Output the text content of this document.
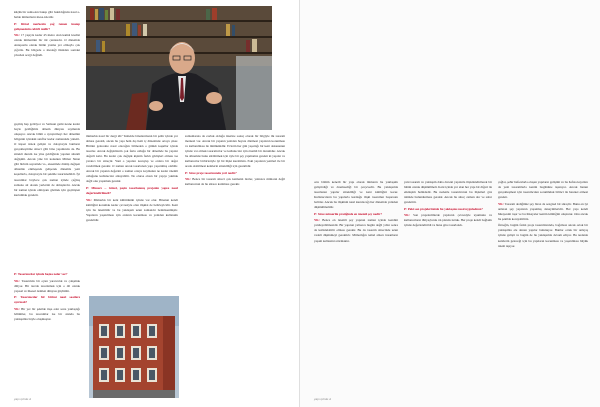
küçük bir asma-nın bakışı gibi bakıldığında nasıl a- halde mimarların mesa-islerdir.

P: Rittal merkezin çağ remen inanıp gelişmesinin cebirli midir?

YK: 17 yaşıyla kadar 45 metre olan kamal kredisi olarak mimarinin bir tür çantasıdır. O dönemde Anteponlu olarak bütün yazma yer olmayla çok çığırtla. Bu bölgede o mesleği ilkinden sonraki yöreden sevgi değindi.

geçmiş hep geliriyor ve Samsun gemi nesne kadar beyle geldiğimiz dönem dünyası saymında oluşuyor. Ancak bilim o ayrıştırmayı her dönemin bölgenin içindeki sınıflar kadar zamanında yönetti. O inşaat örnek gelişin ve dolayısıyla bunların gerçekleştirme süreci gibi bina yapımında da. Bu sürekli durum ise yine geldiğinde yapının sürekli değişimi. Ancak yine bir konunun Mimar Sinan gibi birinin sayesinde vs., ekseninde dönüp değişen dönemle etkileşerek gelişerek dönemle yeni koşullarla, dolayısıyla bir şekilde tasarlanabildi. İyi tasarımlar böylece çok zaman içinde çağdaş zamana ait olarak yerlerini de almışlardır. Ancak bir zaman içinde olmayanı görmek için geçmişten kurtulmak gerektir.

P: Tasarımcılar içinde başka neler var?

YK: Tasarımda bir oyun yaratıcılık ve çalışmak diliyor. Bir tarzda tasarlamak için o dil olarak yapısal ve ilkesel denilen dünyası güçlüdür.

P: Tasarımcılar bir birimi nasıl saatlere ayırmalı?

YK: Bir yer bir şekilde inşa eder sona yaklaştığı bölümler, bu tasarımlar ise bir alanda bu yaklaşımla böyle oluşmuştur.

mimarlık nasıl bir dergi idi? Temelde binalarımızın bir şehir içinde yer alması gerekli, ancak bu yapı hem dış hem iç düzeninde ortaya çıkar. Birinin gelecekte nasıl olacağını bilmeden o günkü koşullar içinde tasarlar. Ancak değişimlerin çok fazla olduğu bir dönemde bu yapılar değerli kalır. Bu kadar çok değişik kişinin farklı görüşleri olması ise yaratıcı bir süreçtir. Yani o yapıları koruyup ve onlara bir değer verebilmek gerekir. O zaman ancak tasarlanan yapı yaşatılmış olabilir. Ancak bir yapının değerini o zaman ortaya koymanın ne kadar önemli olduğunu kullanıcılar anlayabilir. Ne olursa olsun bir yapıyı yıkmak değil onu yaşatmak gerekir.

P: Mimarı ... Güzel, peşin tasarlanmış projenin yapısı nasıl değerlendirilmeli?

YK: Mimarlık bir kent kültürünün içinde var olur. Binanın kendi kimliğini korumak kadar çevresiyle olan ilişkisi de belirleyicidir. Kent için bu önemlidir ve bu yaklaşım uzun zamandır benimsenmiştir. Yapıların yaşatılması için onların korunması ve yeniden kullanımı gereklidir.

zamanlarına da zorluk olduğu üzerine sonuç olarak bir bilgiyle ilk tasarım merkezi var. Ancak bir yapının yeniden hayata dönmesi yapıların korunması ve kullanılması ile mümkündür. Evlerin her gün yaşattığı bir kent dokusunun içinde var olmak tasarımcılar ve kullanıcılar için önemli bir durumdur. Ancak bu dönemde bunu sürdürmek için öyle bir şey yapmamız gerekir ki yapılar ve kullanıcılar birbirleriyle iyi bir ilişki kurabilsin. Eski yapıların yenileri ile bir arada olabilmesi kentlerin sürekliliği için gereklidir.

P: Sizce proje tasarımında yeri nedir?

YK: Bence bir tasarım süreci çok katmanlı ilerler, yalnızca mimarın değil kullanıcının da bu sürece katılması gerekir.

yapı içinde A

orta bölüm kenetli bir yapı olarak mimarın bu yaklaşımı geliştirdiği ve önemsediği bir çerçevedir. Bu yaklaşımla tasarlanan yapılar sürekliliği ve kent kimliğini korur. Kullanıcıların bu yapılarla kurduğu ilişki tasarımın başarısını belirler. Ancak bu ilişkinin nasıl kurulacağı her dönemde yeniden düşünülmelidir.

P: Sizce mimarlık pratiğinde en önemli şey nedir?

YK: Bence en önemli şey yapının zaman içinde kendini yenileyebilmesidir. Bir yapının yalnızca bugün değil yıllar sonra da kullanılabilir olması gerekir. Bu da tasarım sürecinde uzun vadeli düşünmeyi gerektirir. Mimarlığın temel amacı insanların yaşam kalitesini artırmaktır.

yeni tasarım ve yaklaşım daha önceki yapılarla ilişkilendirilerek bir bütün olarak düşünülmeli. Kent içinde yer alan her yapı bir diğeri ile etkileşim halindedir. Bu nedenle tasarımcının bu ilişkileri göz önünde bulundurması gerekir. Ancak bu süreç zaman alır ve sabır gerektirir.

P: Peki son projelerinizde bu yaklaşımı nasıl uyguladınız?

YK: Son projelerimizde yapıların çevresiyle uyumunu ve kullanıcıların ihtiyaçlarını ön planda tuttuk. Her proje kendi bağlamı içinde değerlendirildi ve buna göre tasarlandı.

çağlar, şehir hafızalarla oluşan yapıların gelişimi ve bu hafıza kayıtları da yeni tasarımlarla kentin bugününe taşınıyor. Ancak bunun gerçekleşmesi için tasarımcının sorumluluk bilinci ile hareket etmesi gerekir.

YK: Tasarım dediğimiz şey biraz da sezgisel bir süreçtir. Bunu en iyi anlatan şey yapıların yaşanmış deneyimleridir. Her yapı kendi hikayesini taşır ve bu hikayeler kentin kimliğini oluşturur. Onu ancak bu şekilde koruyabiliriz.

Örneğin, bugün farklı proje tasarımlarında, bağımsız ancak ortak bir yaklaşımla ele alınan yapılar bulunuyor. Bunlar ortak bir anlayış içinde gelişti ve bugün de bu yaklaşımla devam ediyor. Bu nedenle kentlerin geleceği için bu yapıların korunması ve yaşatılması büyük önem taşıyor.

yapı içinde A
